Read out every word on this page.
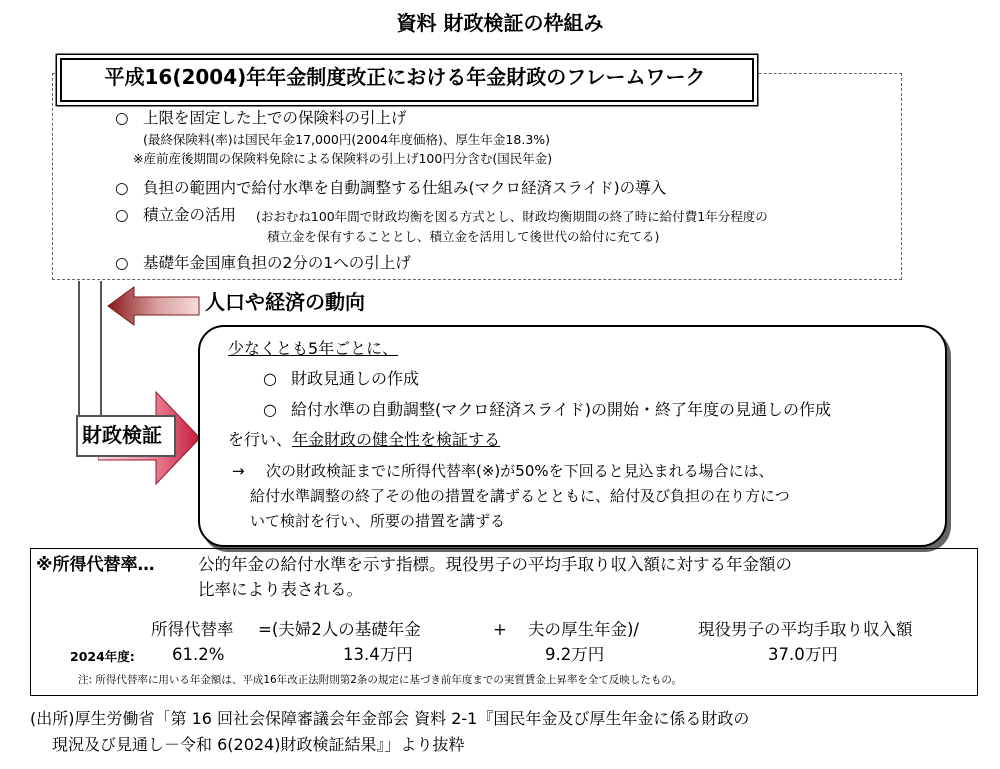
資料 財政検証の枠組み
平成16(2004)年年金制度改正における年金財政のフレームワーク
○ 上限を固定した上での保険料の引上げ
(最終保険料(率)は国民年金17,000円(2004年度価格)、厚生年金18.3%)
※産前産後期間の保険料免除による保険料の引上げ100円分含む(国民年金)
○ 負担の範囲内で給付水準を自動調整する仕組み(マクロ経済スライド)の導入
○ 積立金の活用 (おおむね100年間で財政均衡を図る方式とし、財政均衡期間の終了時に給付費1年分程度の
積立金を保有することとし、積立金を活用して後世代の給付に充てる)
○ 基礎年金国庫負担の2分の1への引上げ
人口や経済の動向
財政検証
少なくとも5年ごとに、
○ 財政見通しの作成
○ 給付水準の自動調整(マクロ経済スライド)の開始・終了年度の見通しの作成
を行い、年金財政の健全性を検証する
→ 次の財政検証までに所得代替率(※)が50%を下回ると見込まれる場合には、
給付水準調整の終了その他の措置を講ずるとともに、給付及び負担の在り方につ
いて検討を行い、所要の措置を講ずる
※所得代替率…	公的年金の給付水準を示す指標。現役男子の平均手取り収入額に対する年金額の
比率により表される。
所得代替率 =(夫婦2人の基礎年金	+ 夫の厚生年金)/	現役男子の平均手取り収入額
2024年度: 61.2%	13.4万円	9.2万円	37.0万円
注: 所得代替率に用いる年金額は、平成16年改正法附則第2条の規定に基づき前年度までの実質賃金上昇率を全て反映したもの。
(出所)厚生労働省「第 16 回社会保障審議会年金部会 資料 2-1『国民年金及び厚生年金に係る財政の
現況及び見通し－令和 6(2024)財政検証結果』」より抜粋
